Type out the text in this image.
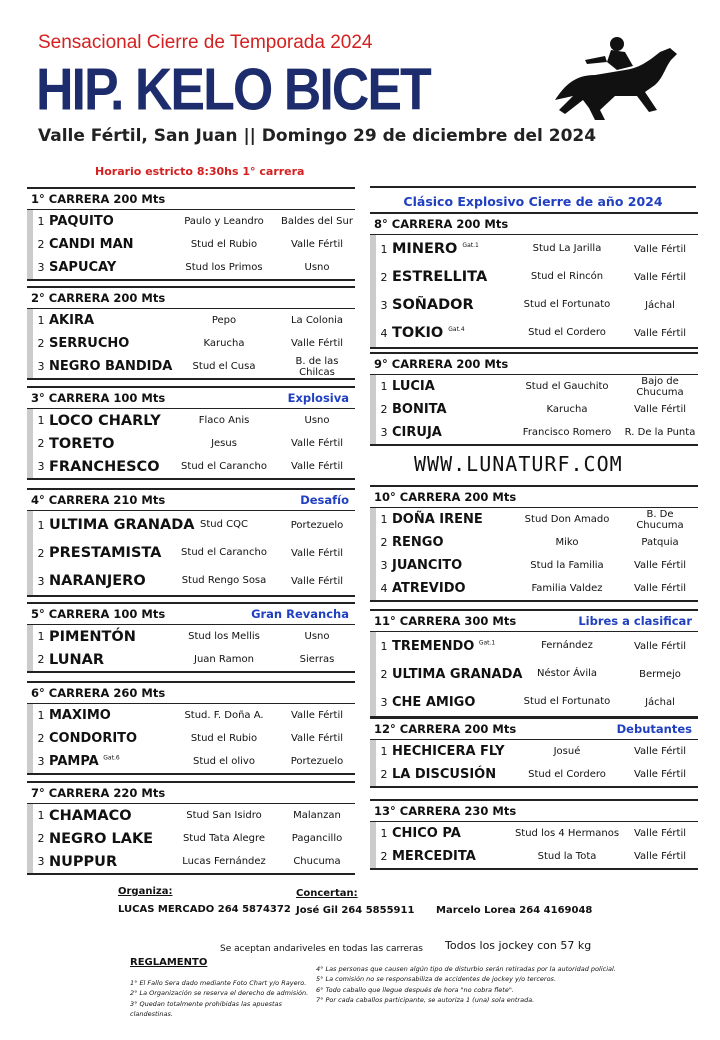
Sensacional Cierre de Temporada 2024
HIP. KELO BICET
Valle Fértil, San Juan || Domingo 29 de diciembre del 2024
Horario estricto 8:30hs 1° carrera
1° CARRERA 200 Mts
1 PAQUITO	Paulo y Leandro	Baldes del Sur
2 CANDI MAN	Stud el Rubio	Valle Fértil
3 SAPUCAY	Stud los Primos	Usno
2° CARRERA 200 Mts
1 AKIRA	Pepo	La Colonia
2 SERRUCHO	Karucha	Valle Fértil
3 NEGRO BANDIDA	Stud el Cusa	B. de las Chilcas
3° CARRERA 100 Mts	Explosiva
1 LOCO CHARLY	Flaco Anis	Usno
2 TORETO	Jesus	Valle Fértil
3 FRANCHESCO	Stud el Carancho	Valle Fértil
4° CARRERA 210 Mts	Desafío
1 ULTIMA GRANADA Stud CQC	Portezuelo
2 PRESTAMISTA	Stud el Carancho	Valle Fértil
3 NARANJERO	Stud Rengo Sosa	Valle Fértil
5° CARRERA 100 Mts	Gran Revancha
1 PIMENTÓN	Stud los Mellis	Usno
2 LUNAR	Juan Ramon	Sierras
6° CARRERA 260 Mts
1 MAXIMO	Stud. F. Doña A.	Valle Fértil
2 CONDORITO	Stud el Rubio	Valle Fértil
3 PAMPA $^{Gat.6}$	Stud el olivo	Portezuelo
7° CARRERA 220 Mts
1 CHAMACO	Stud San Isidro	Malanzan
2 NEGRO LAKE	Stud Tata Alegre	Pagancillo
3 NUPPUR	Lucas Fernández	Chucuma
Clásico Explosivo Cierre de año 2024
8° CARRERA 200 Mts
1 MINERO $^{Gat.1}$	Stud La Jarilla	Valle Fértil
2 ESTRELLITA	Stud el Rincón	Valle Fértil
3 SOÑADOR	Stud el Fortunato	Jáchal
4 TOKIO $^{Gat.4}$	Stud el Cordero	Valle Fértil
9° CARRERA 200 Mts
1 LUCIA	Stud el Gauchito	Bajo de Chucuma
2 BONITA	Karucha	Valle Fértil
3 CIRUJA	Francisco Romero	R. De la Punta
WWW.LUNATURF.COM
10° CARRERA 200 Mts
1 DOÑA IRENE	Stud Don Amado	B. De Chucuma
2 RENGO	Miko	Patquia
3 JUANCITO	Stud la Familia	Valle Fértil
4 ATREVIDO	Familia Valdez	Valle Fértil
11° CARRERA 300 Mts	Libres a clasificar
1 TREMENDO $^{Gat.1}$	Fernández	Valle Fértil
2 ULTIMA GRANADA	Néstor Ávila	Bermejo
3 CHE AMIGO	Stud el Fortunato	Jáchal
12° CARRERA 200 Mts	Debutantes
1 HECHICERA FLY	Josué	Valle Fértil
2 LA DISCUSIÓN	Stud el Cordero	Valle Fértil
13° CARRERA 230 Mts
1 CHICO PA	Stud los 4 Hermanos	Valle Fértil
2 MERCEDITA	Stud la Tota	Valle Fértil
Organiza:
LUCAS MERCADO 264 5874372
Concertan:
José Gil 264 5855911 Marcelo Lorea 264 4169048
Se aceptan andariveles en todas las carreras Todos los jockey con 57 kg
REGLAMENTO
1° El Fallo Sera dado mediante Foto Chart y/o Rayero.
2° La Organización se reserva el derecho de admisión.
3° Quedan totalmente prohibidas las apuestas clandestinas.
4° Las personas que causen algún tipo de disturbio serán retiradas por la autoridad policial.
5° La comisión no se responsabiliza de accidentes de jockey y/o terceros.
6° Todo caballo que llegue después de hora "no cobra flete".
7° Por cada caballos participante, se autoriza 1 (una) sola entrada.
